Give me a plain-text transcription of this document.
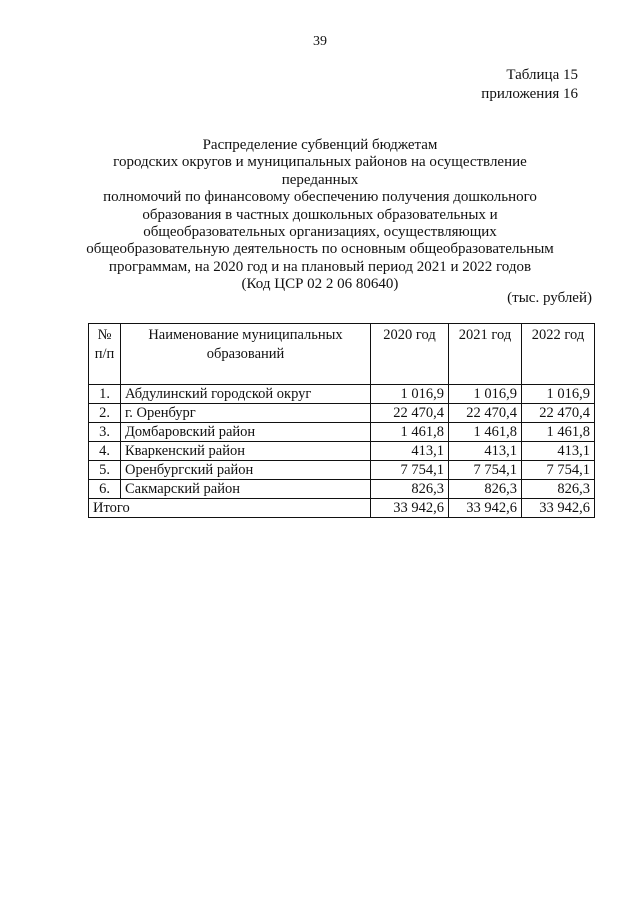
39
Таблица 15
приложения 16
Распределение субвенций бюджетам
городских округов и муниципальных районов на осуществление переданных
полномочий по финансовому обеспечению получения дошкольного
образования в частных дошкольных образовательных и
общеобразовательных организациях, осуществляющих
общеобразовательную деятельность по основным общеобразовательным
программам, на 2020 год и на плановый период 2021 и 2022 годов
(Код ЦСР 02 2 06 80640)
(тыс. рублей)
№ п/п	Наименование муниципальных образований	2020 год	2021 год	2022 год
1.	Абдулинский городской округ	1 016,9	1 016,9	1 016,9
2.	г. Оренбург	22 470,4	22 470,4	22 470,4
3.	Домбаровский район	1 461,8	1 461,8	1 461,8
4.	Кваркенский район	413,1	413,1	413,1
5.	Оренбургский район	7 754,1	7 754,1	7 754,1
6.	Сакмарский район	826,3	826,3	826,3
Итого		33 942,6	33 942,6	33 942,6
